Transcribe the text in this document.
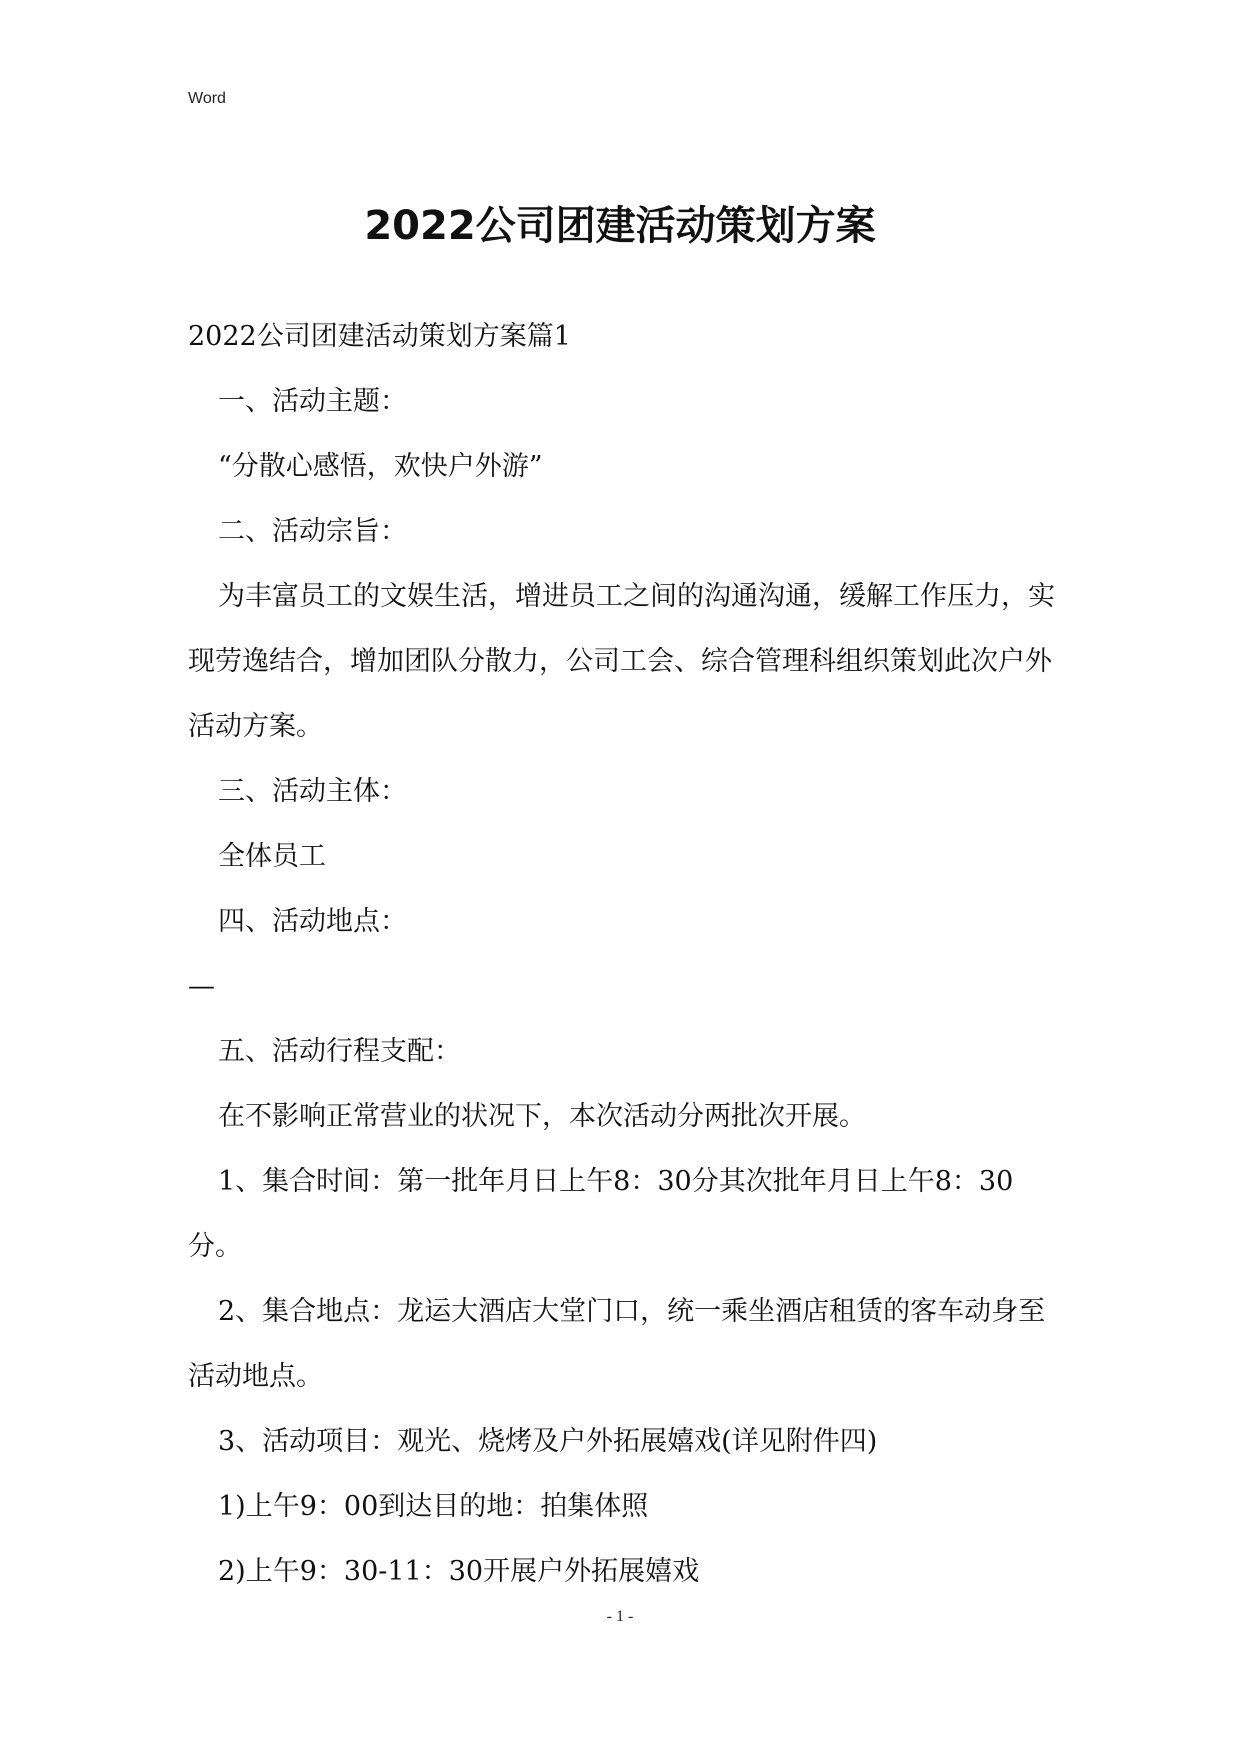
Word
2022公司团建活动策划方案

2022公司团建活动策划方案篇1

一、活动主题：

“分散心感悟，欢快户外游”

二、活动宗旨：

为丰富员工的文娱生活，增进员工之间的沟通沟通，缓解工作压力，实现劳逸结合，增加团队分散力，公司工会、综合管理科组织策划此次户外活动方案。

三、活动主体：

全体员工

四、活动地点：

—

五、活动行程支配：

在不影响正常营业的状况下，本次活动分两批次开展。

1、集合时间：第一批年月日上午8：30分其次批年月日上午8：30分。

2、集合地点：龙运大酒店大堂门口，统一乘坐酒店租赁的客车动身至活动地点。

3、活动项目：观光、烧烤及户外拓展嬉戏(详见附件四)

1)上午9：00到达目的地：拍集体照

2)上午9：30-11：30开展户外拓展嬉戏

- 1 -
